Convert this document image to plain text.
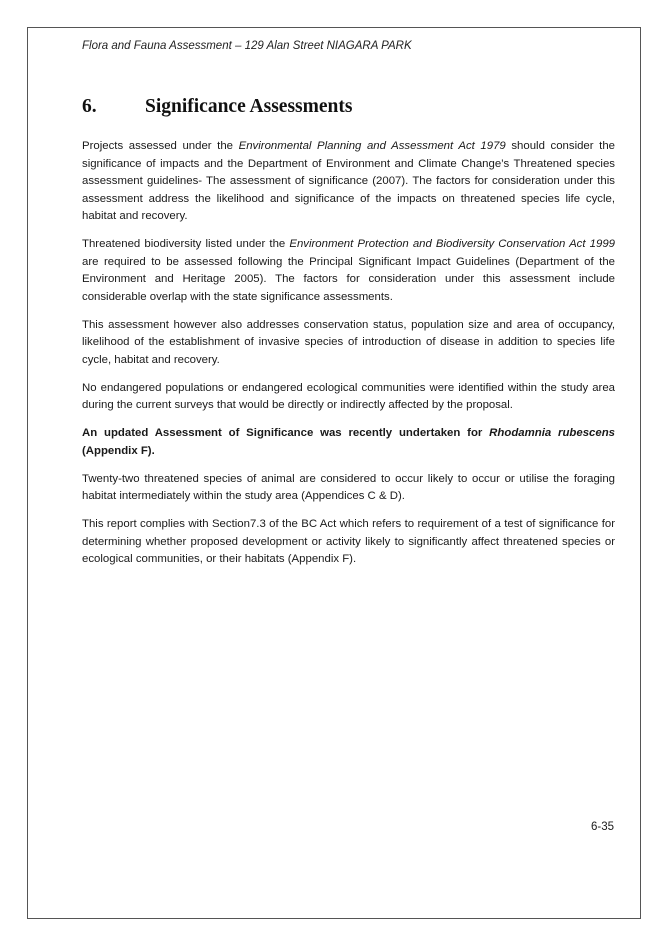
Flora and Fauna Assessment – 129 Alan Street NIAGARA PARK
6. Significance Assessments

Projects assessed under the Environmental Planning and Assessment Act 1979 should consider the significance of impacts and the Department of Environment and Climate Change’s Threatened species assessment guidelines- The assessment of significance (2007). The factors for consideration under this assessment address the likelihood and significance of the impacts on threatened species life cycle, habitat and recovery.

Threatened biodiversity listed under the Environment Protection and Biodiversity Conservation Act 1999 are required to be assessed following the Principal Significant Impact Guidelines (Department of the Environment and Heritage 2005). The factors for consideration under this assessment include considerable overlap with the state significance assessments.

This assessment however also addresses conservation status, population size and area of occupancy, likelihood of the establishment of invasive species of introduction of disease in addition to species life cycle, habitat and recovery.

No endangered populations or endangered ecological communities were identified within the study area during the current surveys that would be directly or indirectly affected by the proposal.

An updated Assessment of Significance was recently undertaken for Rhodamnia rubescens (Appendix F).

Twenty-two threatened species of animal are considered to occur likely to occur or utilise the foraging habitat intermediately within the study area (Appendices C & D).

This report complies with Section7.3 of the BC Act which refers to requirement of a test of significance for determining whether proposed development or activity likely to significantly affect threatened species or ecological communities, or their habitats (Appendix F).

6-35
